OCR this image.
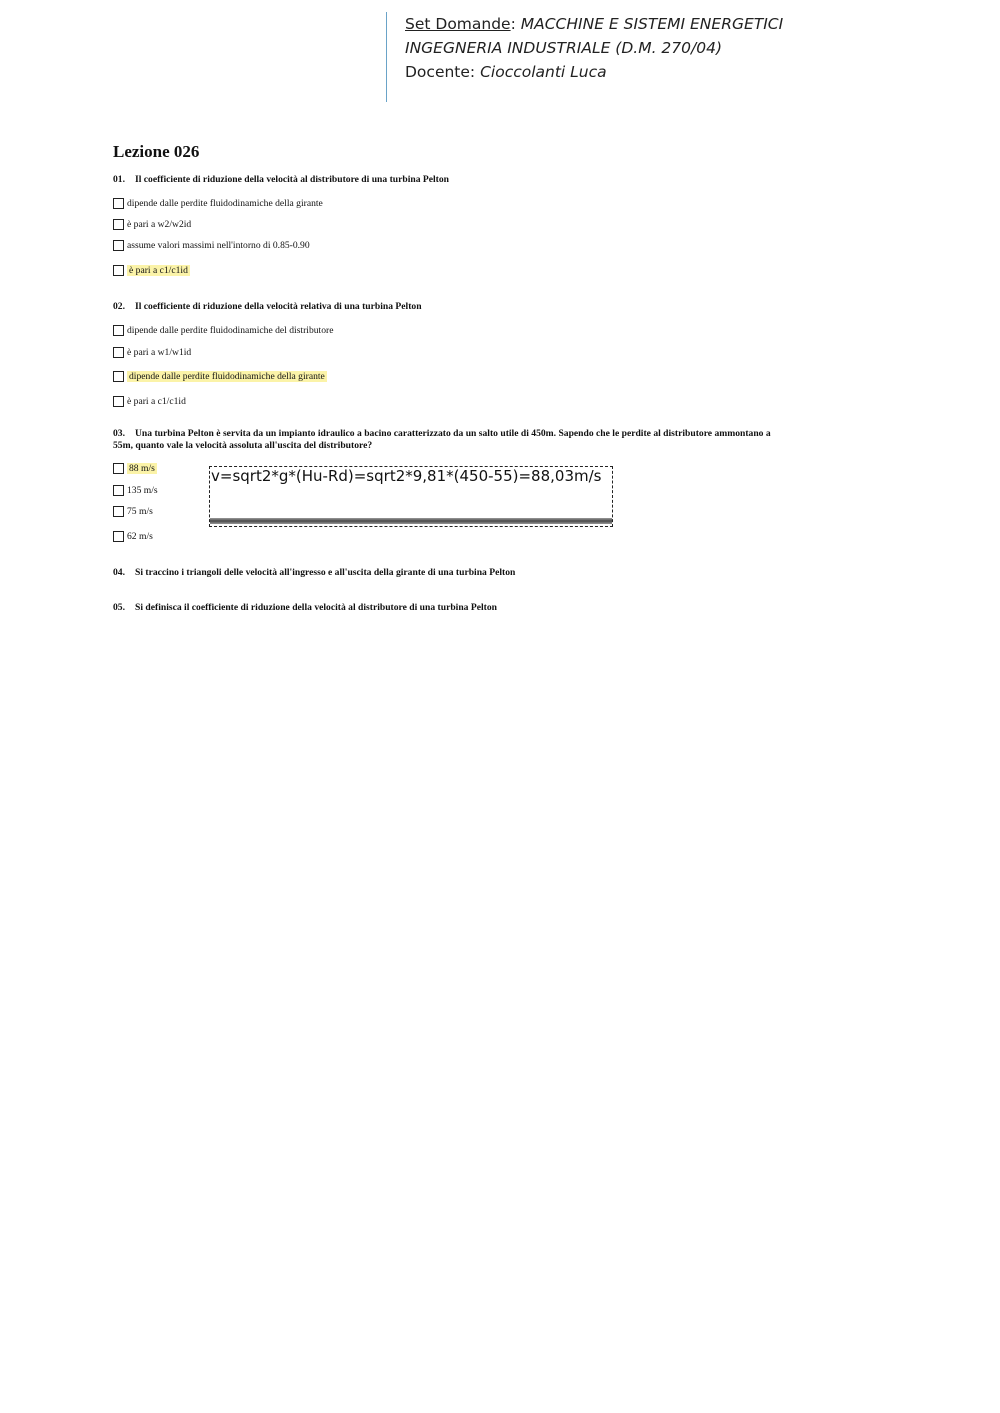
Set Domande: MACCHINE E SISTEMI ENERGETICI
INGEGNERIA INDUSTRIALE (D.M. 270/04)
Docente: Cioccolanti Luca
Lezione 026
01. Il coefficiente di riduzione della velocità al distributore di una turbina Pelton
dipende dalle perdite fluidodinamiche della girante
è pari a w2/w2id
assume valori massimi nell'intorno di 0.85-0.90
è pari a c1/c1id
02. Il coefficiente di riduzione della velocità relativa di una turbina Pelton
dipende dalle perdite fluidodinamiche del distributore
è pari a w1/w1id
dipende dalle perdite fluidodinamiche della girante
è pari a c1/c1id
03. Una turbina Pelton è servita da un impianto idraulico a bacino caratterizzato da un salto utile di 450m. Sapendo che le perdite al distributore ammontano a
55m, quanto vale la velocità assoluta all'uscita del distributore?
88 m/s
135 m/s
75 m/s
62 m/s
v=sqrt2*g*(Hu-Rd)=sqrt2*9,81*(450-55)=88,03m/s
04. Si traccino i triangoli delle velocità all'ingresso e all'uscita della girante di una turbina Pelton
05. Si definisca il coefficiente di riduzione della velocità al distributore di una turbina Pelton
